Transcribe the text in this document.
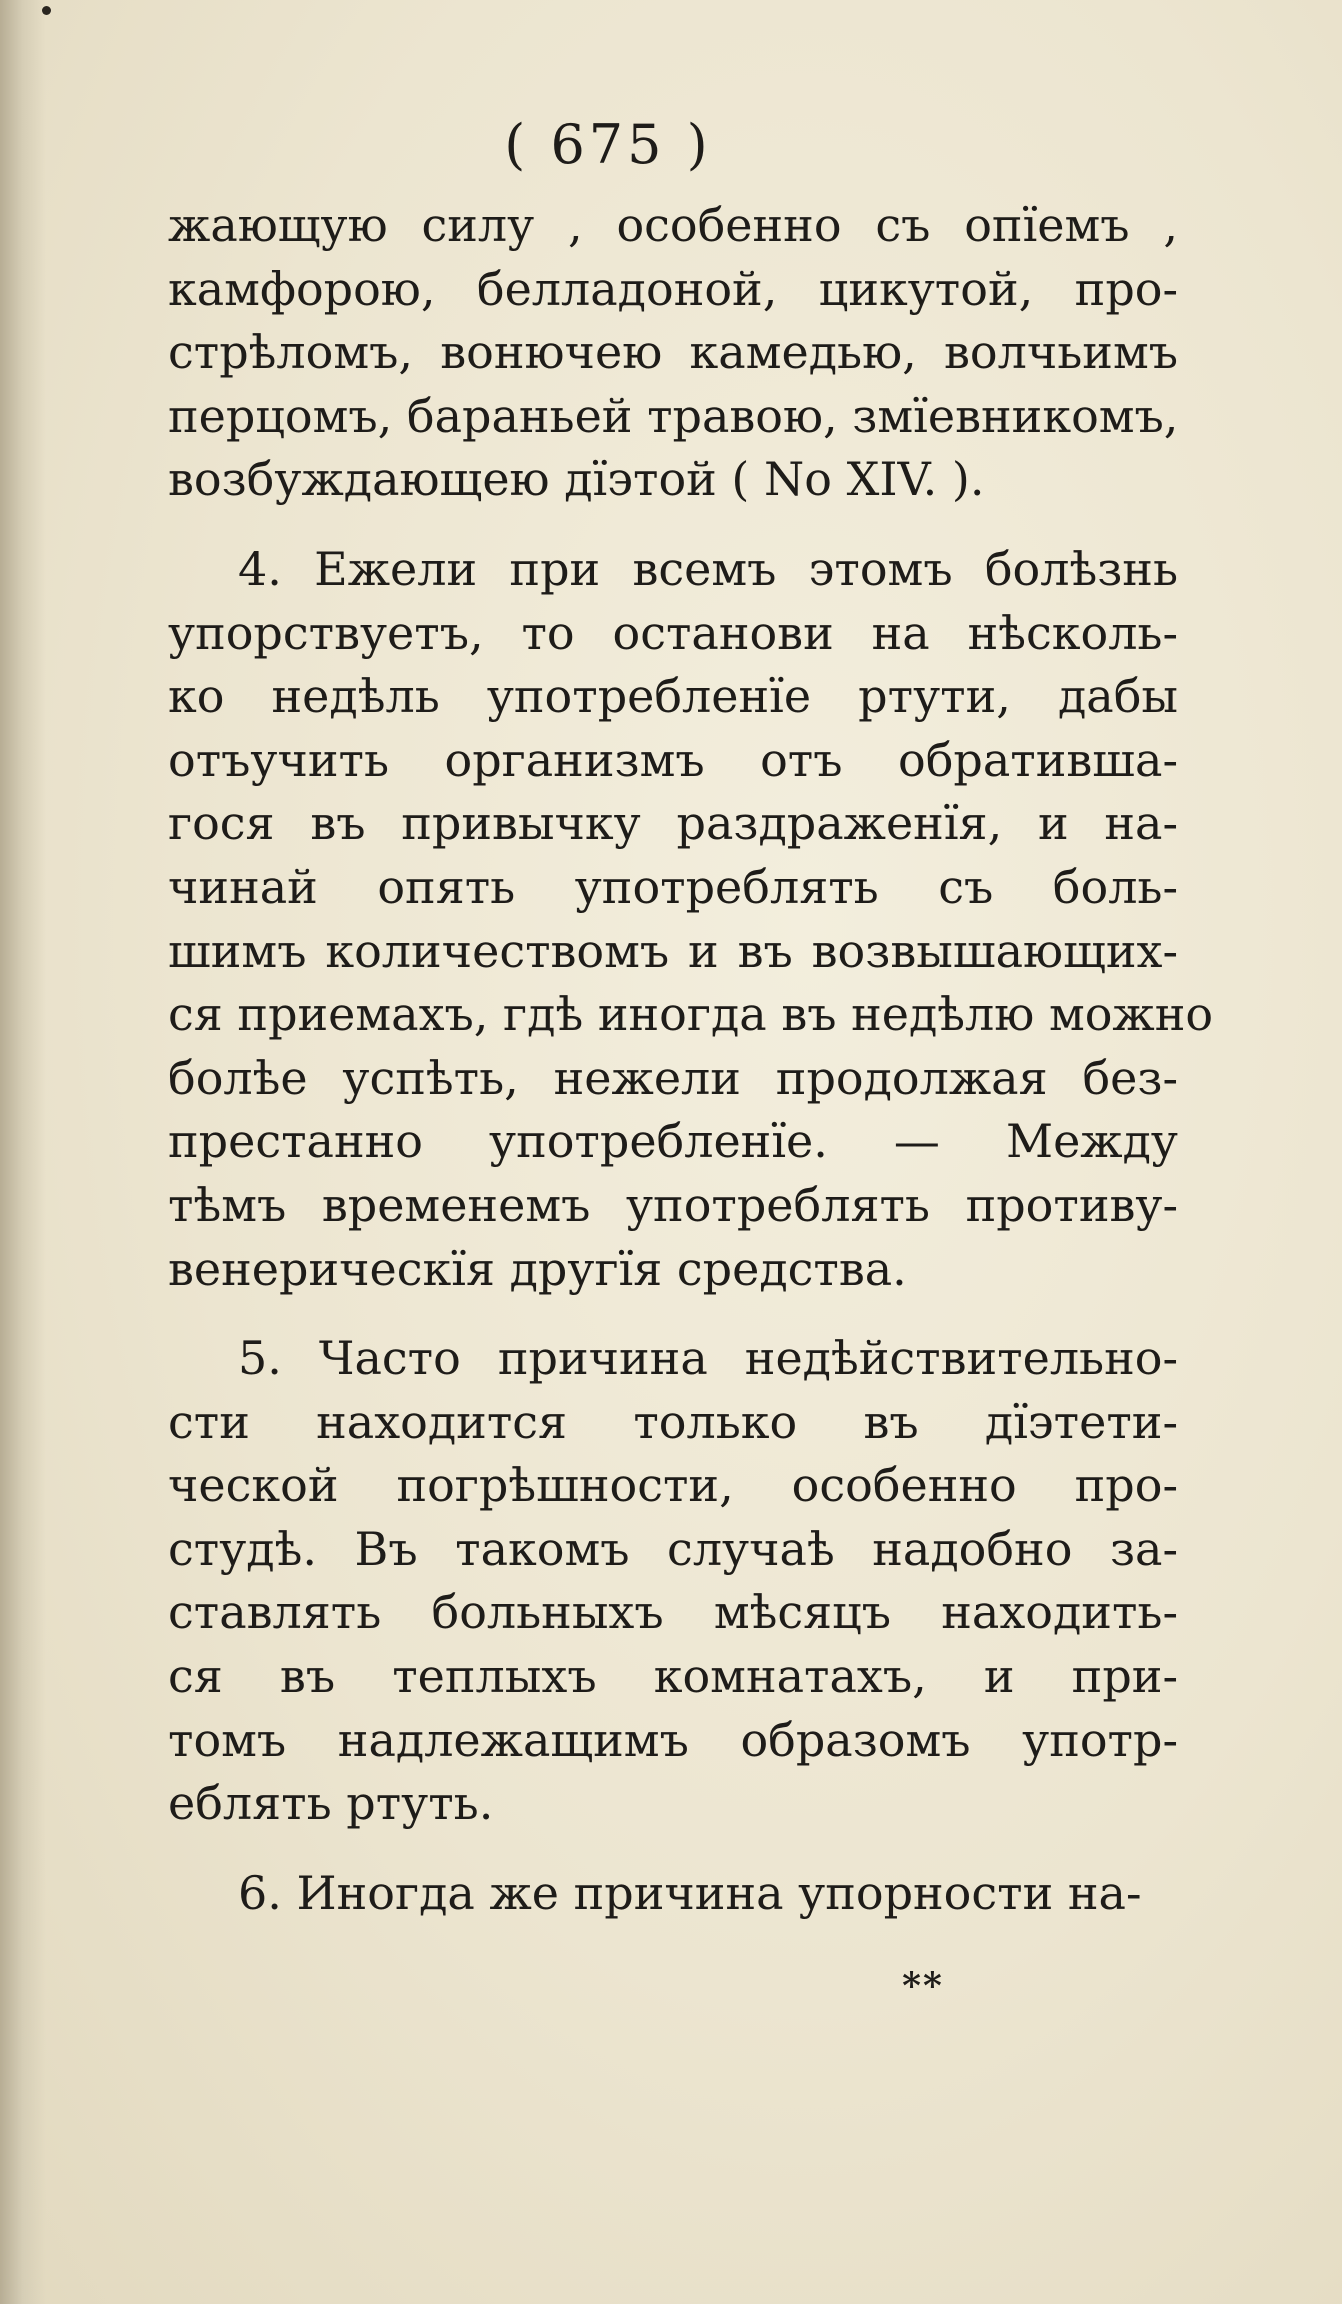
( 675 )
жающую силу , особенно съ опїемъ ,
камфорою, белладоной, цикутой, про-
стрѣломъ, вонючею камедью, волчьимъ
перцомъ, бараньей травою, змїевникомъ,
возбуждающею дїэтой ( No XIV. ).
4. Ежели при всемъ этомъ болѣзнь
упорствуетъ, то останови на нѣсколь-
ко недѣль употребленїе ртути, дабы
отъучить организмъ отъ обратившa-
гося въ привычку раздраженїя, и на-
чинай опять употреблять съ боль-
шимъ количествомъ и въ возвышающих-
ся приемахъ, гдѣ иногда въ недѣлю можно
болѣе успѣть, нежели продолжая без-
престанно употребленїе. — Между
тѣмъ временемъ употреблять противу-
венерическїя другїя средства.
5. Часто причина недѣйствительно-
сти находится только въ дїэтети-
ческой погрѣшности, особенно про-
студѣ. Въ такомъ случаѣ надобно за-
ставлять больныхъ мѣсяцъ находить-
ся въ теплыхъ комнатахъ, и при-
томъ надлежащимъ образомъ употр-
еблять ртуть.
6. Иногда же причина упорности на-
**
